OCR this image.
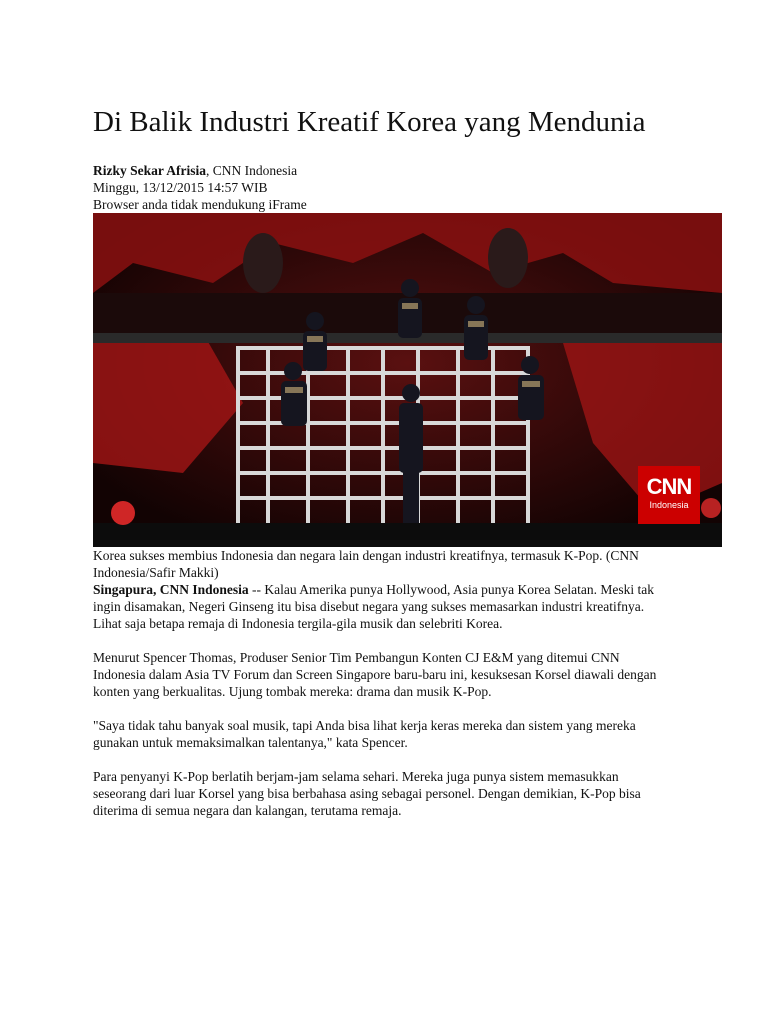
Di Balik Industri Kreatif Korea yang Mendunia
Rizky Sekar Afrisia, CNN Indonesia
Minggu, 13/12/2015 14:57 WIB
Browser anda tidak mendukung iFrame
CNN
Indonesia

Korea sukses membius Indonesia dan negara lain dengan industri kreatifnya, termasuk K-Pop. (CNN Indonesia/Safir Makki)

Singapura, CNN Indonesia -- Kalau Amerika punya Hollywood, Asia punya Korea Selatan. Meski tak ingin disamakan, Negeri Ginseng itu bisa disebut negara yang sukses memasarkan industri kreatifnya. Lihat saja betapa remaja di Indonesia tergila-gila musik dan selebriti Korea.

Menurut Spencer Thomas, Produser Senior Tim Pembangun Konten CJ E&M yang ditemui CNN Indonesia dalam Asia TV Forum dan Screen Singapore baru-baru ini, kesuksesan Korsel diawali dengan konten yang berkualitas. Ujung tombak mereka: drama dan musik K-Pop.

"Saya tidak tahu banyak soal musik, tapi Anda bisa lihat kerja keras mereka dan sistem yang mereka gunakan untuk memaksimalkan talentanya," kata Spencer.

Para penyanyi K-Pop berlatih berjam-jam selama sehari. Mereka juga punya sistem memasukkan seseorang dari luar Korsel yang bisa berbahasa asing sebagai personel. Dengan demikian, K-Pop bisa diterima di semua negara dan kalangan, terutama remaja.
